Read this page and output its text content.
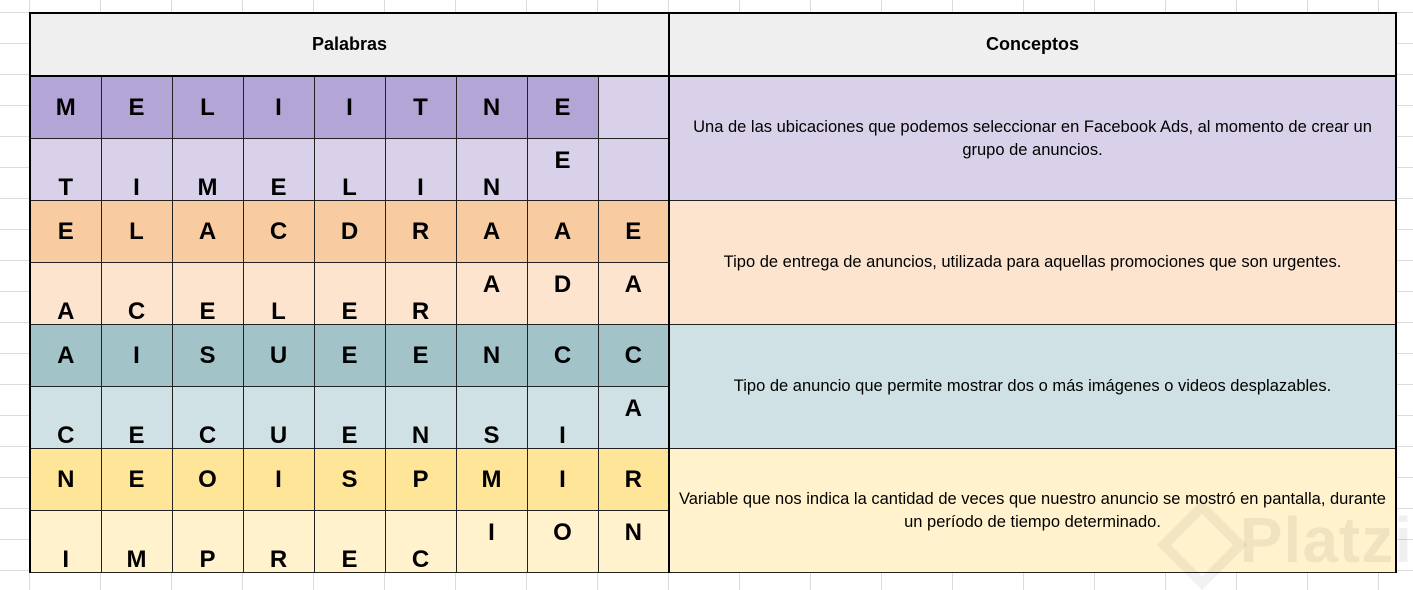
Palabras									Conceptos
M	E	L	I	I	T	N	E		Una de las ubicaciones que podemos seleccionar en Facebook Ads, al momento de crear un grupo de anuncios.
T	I	M	E	L	I	N	E		
E	L	A	C	D	R	A	A	E	Tipo de entrega de anuncios, utilizada para aquellas promociones que son urgentes.
A	C	E	L	E	R	A	D	A	
A	I	S	U	E	E	N	C	C	Tipo de anuncio que permite mostrar dos o más imágenes o videos desplazables.
C	E	C	U	E	N	S	I	A	
N	E	O	I	S	P	M	I	R	Variable que nos indica la cantidad de veces que nuestro anuncio se mostró en pantalla, durante un período de tiempo determinado.
I	M	P	R	E	C	I	O	N	
